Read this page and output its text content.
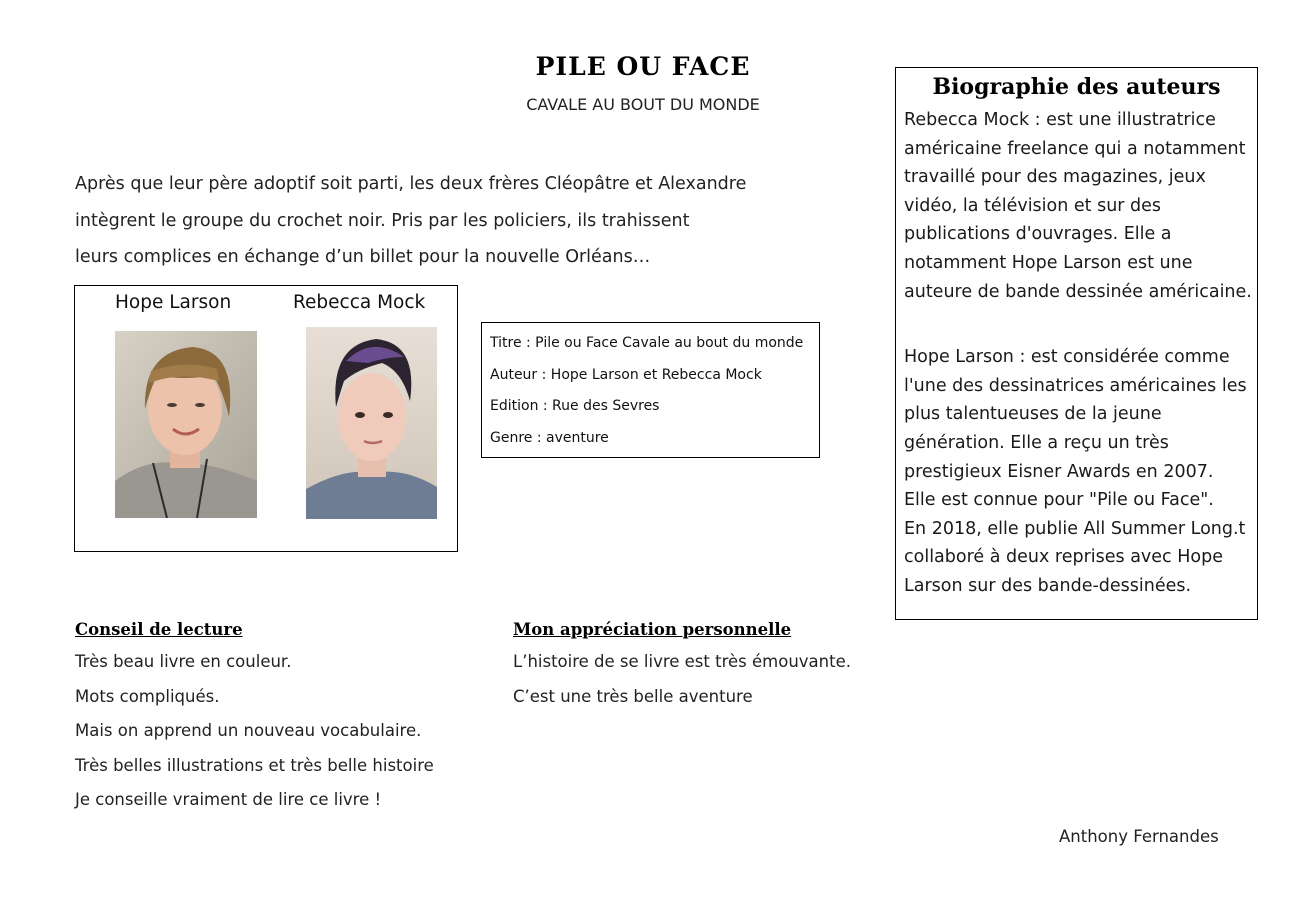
PILE OU FACE
CAVALE AU BOUT DU MONDE
Après que leur père adoptif soit parti, les deux frères Cléopâtre et Alexandre
intègrent le groupe du crochet noir. Pris par les policiers, ils trahissent
leurs complices en échange d’un billet pour la nouvelle Orléans…
Hope Larson	Rebecca Mock
Titre : Pile ou Face Cavale au bout du monde
Auteur : Hope Larson et Rebecca Mock
Edition : Rue des Sevres
Genre : aventure
Biographie des auteurs
Rebecca Mock : est une illustratrice
américaine freelance qui a notamment
travaillé pour des magazines, jeux
vidéo, la télévision et sur des
publications d'ouvrages. Elle a
notamment Hope Larson est une
auteure de bande dessinée américaine.
Hope Larson : est considérée comme
l'une des dessinatrices américaines les
plus talentueuses de la jeune
génération. Elle a reçu un très
prestigieux Eisner Awards en 2007.
Elle est connue pour "Pile ou Face".
En 2018, elle publie All Summer Long.t
collaboré à deux reprises avec Hope
Larson sur des bande-dessinées.
Conseil de lecture
Très beau livre en couleur.
Mots compliqués.
Mais on apprend un nouveau vocabulaire.
Très belles illustrations et très belle histoire
Je conseille vraiment de lire ce livre !
Mon appréciation personnelle
L’histoire de se livre est très émouvante.
C’est une très belle aventure
Anthony Fernandes
